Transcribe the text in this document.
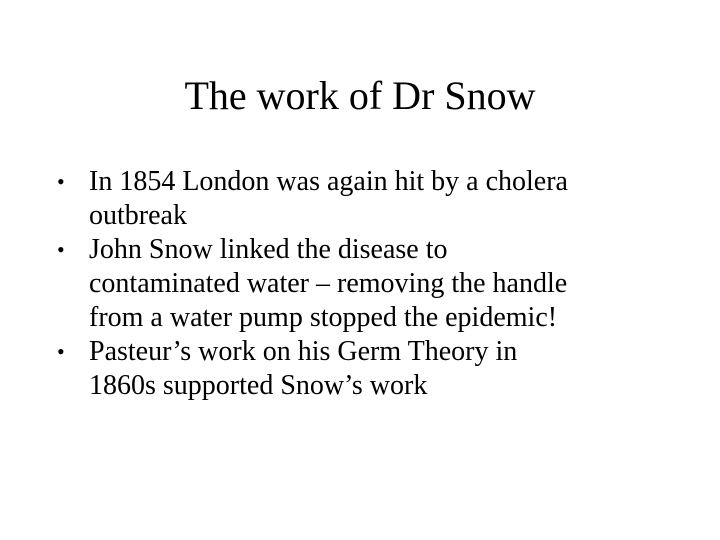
The work of Dr Snow
• In 1854 London was again hit by a cholera
outbreak
• John Snow linked the disease to
contaminated water – removing the handle
from a water pump stopped the epidemic!
• Pasteur’s work on his Germ Theory in
1860s supported Snow’s work
